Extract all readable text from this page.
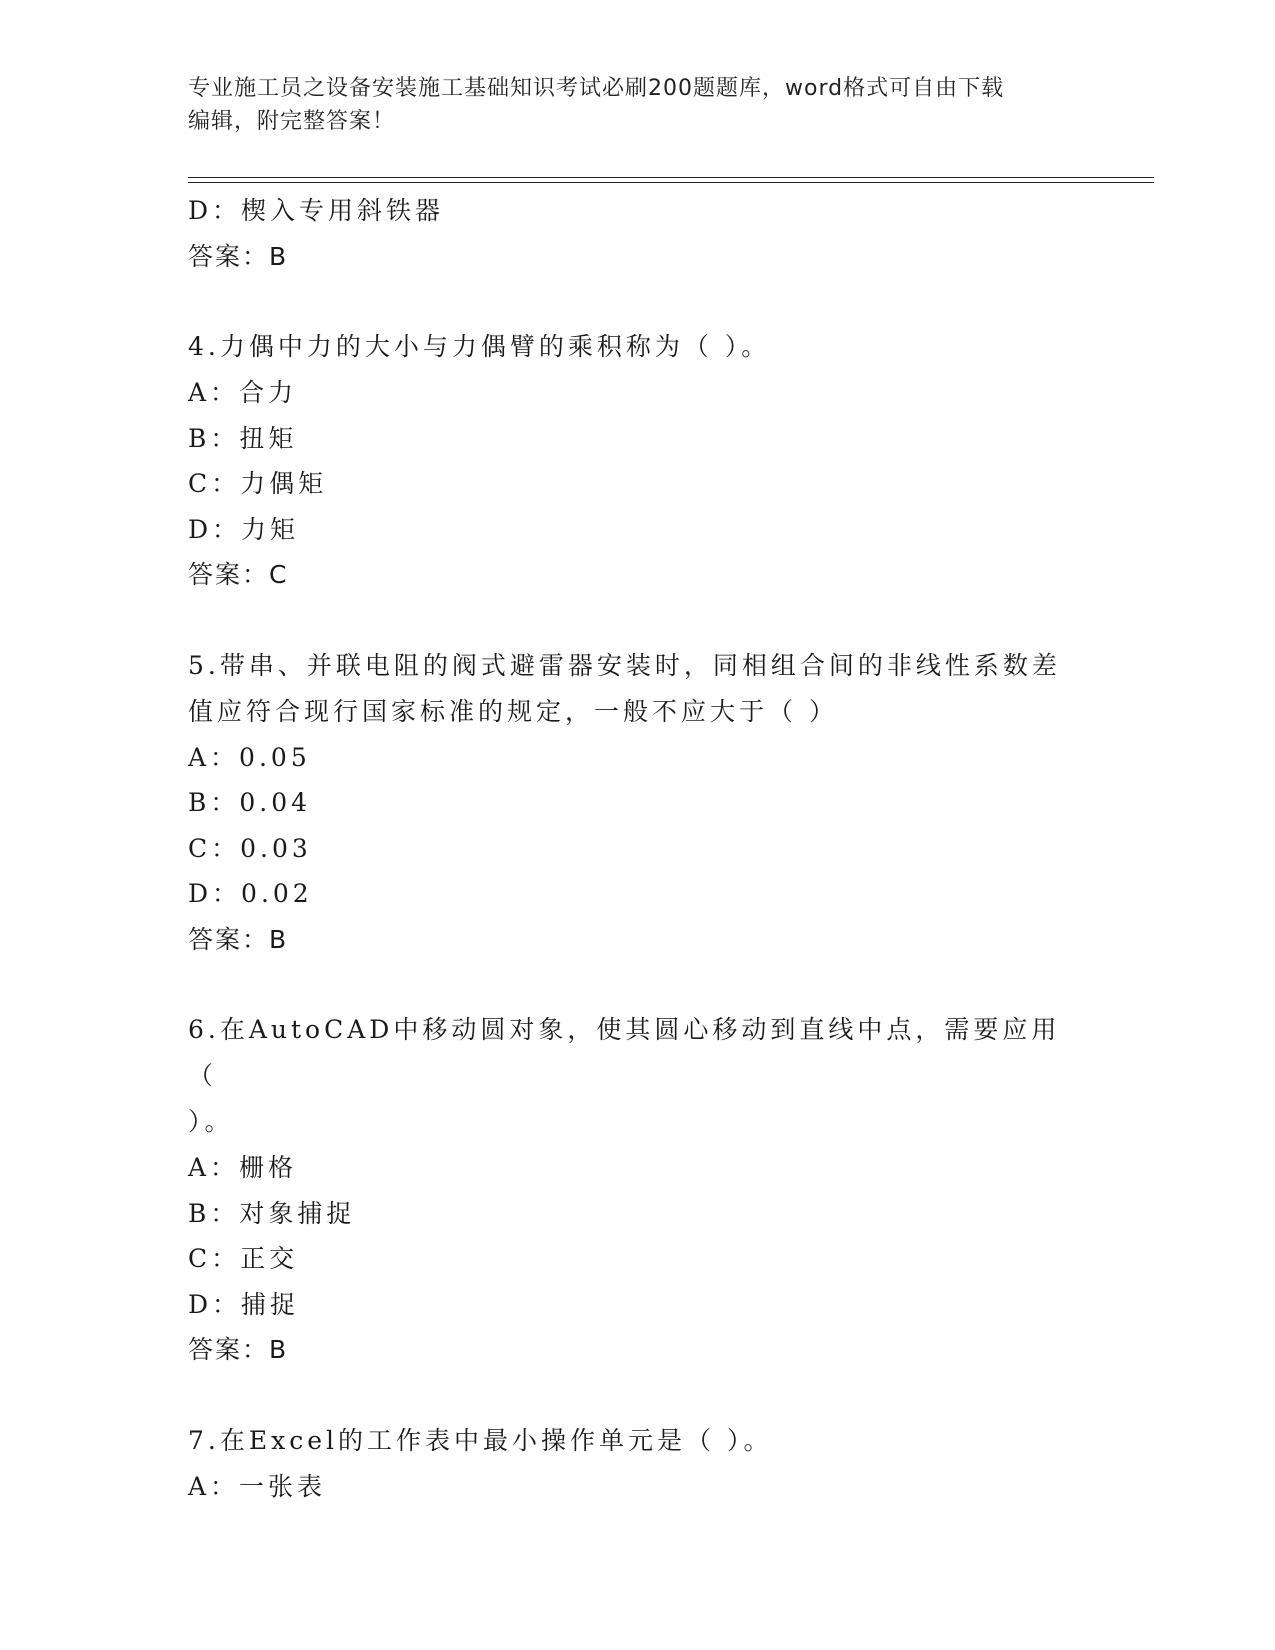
专业施工员之设备安装施工基础知识考试必刷200题题库，word格式可自由下载
编辑，附完整答案！
D：楔入专用斜铁器
答案：B
4.力偶中力的大小与力偶臂的乘积称为（ ）。
A：合力
B：扭矩
C：力偶矩
D：力矩
答案：C
5.带串、并联电阻的阀式避雷器安装时，同相组合间的非线性系数差
值应符合现行国家标准的规定，一般不应大于（ ）
A：0.05
B：0.04
C：0.03
D：0.02
答案：B
6.在AutoCAD中移动圆对象，使其圆心移动到直线中点，需要应用（
）。
A：栅格
B：对象捕捉
C：正交
D：捕捉
答案：B
7.在Excel的工作表中最小操作单元是（ ）。
A：一张表
